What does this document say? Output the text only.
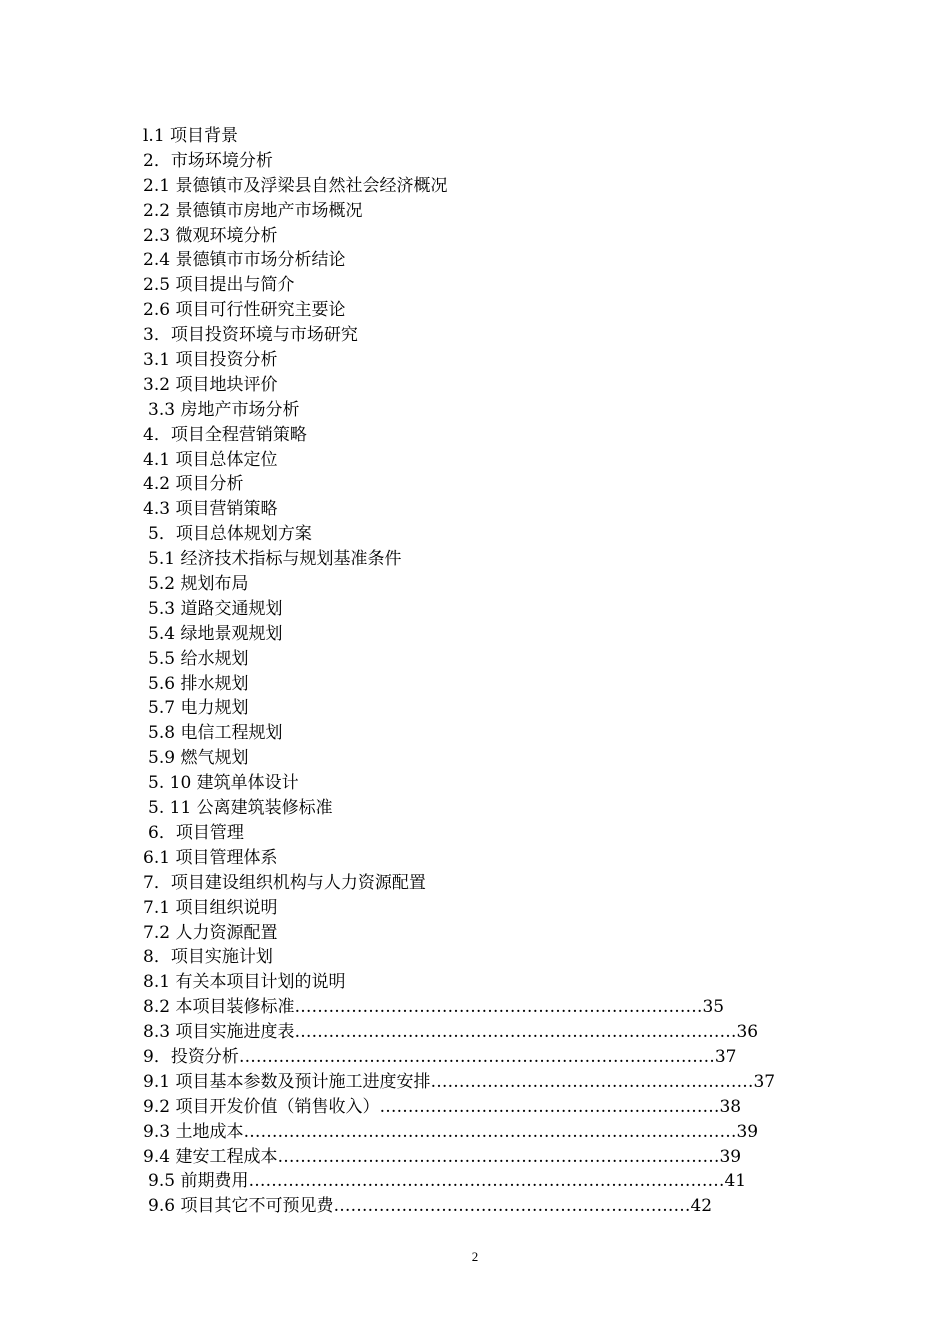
l.1 项目背景
2．市场环境分析
2.1 景德镇市及浮梁县自然社会经济概况
2.2 景德镇市房地产市场概况
2.3 微观环境分析
2.4 景德镇市市场分析结论
2.5 项目提出与简介
2.6 项目可行性研究主要论
3．项目投资环境与市场研究
3.1 项目投资分析
3.2 项目地块评价
3.3 房地产市场分析
4．项目全程营销策略
4.1 项目总体定位
4.2 项目分析
4.3 项目营销策略
5．项目总体规划方案
5.1 经济技术指标与规划基准条件
5.2 规划布局
5.3 道路交通规划
5.4 绿地景观规划
5.5 给水规划
5.6 排水规划
5.7 电力规划
5.8 电信工程规划
5.9 燃气规划
5. 10 建筑单体设计
5. 11 公离建筑装修标准
6．项目管理
6.1 项目管理体系
7．项目建设组织机构与人力资源配置
7.1 项目组织说明
7.2 人力资源配置
8．项目实施计划
8.1 有关本项目计划的说明
8.2 本项目装修标准………………………………………………………………35
8.3 项目实施进度表……………………………………………………………………36
9．投资分析…………………………………………………………………………37
9.1 项目基本参数及预计施工进度安排…………………………………………………37
9.2 项目开发价值（销售收入）……………………………………………………38
9.3 土地成本……………………………………………………………………………39
9.4 建安工程成本……………………………………………………………………39
9.5 前期费用…………………………………………………………………………41
9.6 项目其它不可预见费………………………………………………………42
2
